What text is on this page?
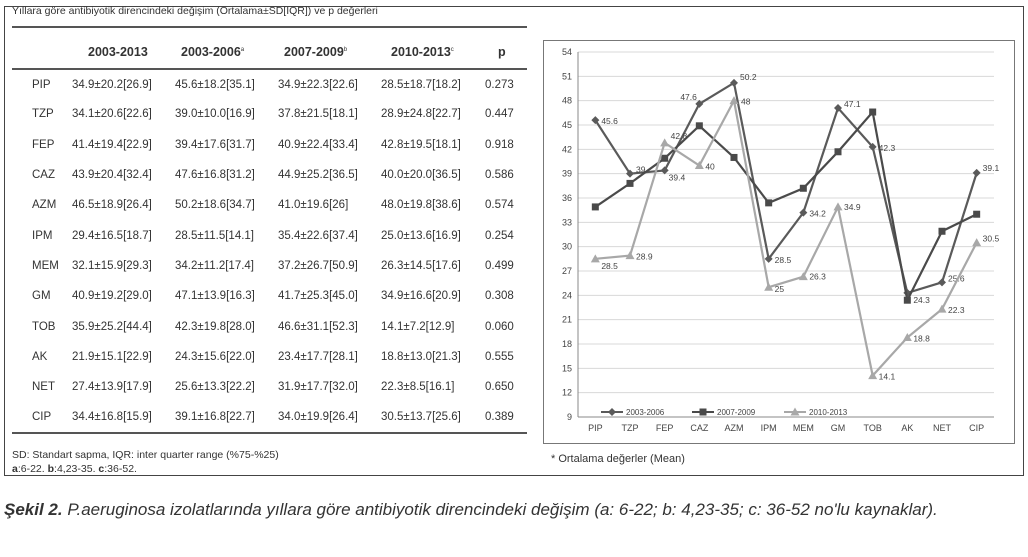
Yıllara göre antibiyotik direncindeki değişim (Ortalama±SD[IQR]) ve p değerleri
	2003-2013	2003-2006$^a$	2007-2009$^b$	2010-2013$^c$	p
PIP	34.9±20.2[26.9]	45.6±18.2[35.1]	34.9±22.3[22.6]	28.5±18.7[18.2]	0.273
TZP	34.1±20.6[22.6]	39.0±10.0[16.9]	37.8±21.5[18.1]	28.9±24.8[22.7]	0.447
FEP	41.4±19.4[22.9]	39.4±17.6[31.7]	40.9±22.4[33.4]	42.8±19.5[18.1]	0.918
CAZ	43.9±20.4[32.4]	47.6±16.8[31.2]	44.9±25.2[36.5]	40.0±20.0[36.5]	0.586
AZM	46.5±18.9[26.4]	50.2±18.6[34.7]	41.0±19.6[26]	48.0±19.8[38.6]	0.574
IPM	29.4±16.5[18.7]	28.5±11.5[14.1]	35.4±22.6[37.4]	25.0±13.6[16.9]	0.254
MEM	32.1±15.9[29.3]	34.2±11.2[17.4]	37.2±26.7[50.9]	26.3±14.5[17.6]	0.499
GM	40.9±19.2[29.0]	47.1±13.9[16.3]	41.7±25.3[45.0]	34.9±16.6[20.9]	0.308
TOB	35.9±25.2[44.4]	42.3±19.8[28.0]	46.6±31.1[52.3]	14.1±7.2[12.9]	0.060
AK	21.9±15.1[22.9]	24.3±15.6[22.0]	23.4±17.7[28.1]	18.8±13.0[21.3]	0.555
NET	27.4±13.9[17.9]	25.6±13.3[22.2]	31.9±17.7[32.0]	22.3±8.5[16.1]	0.650
CIP	34.4±16.8[15.9]	39.1±16.8[22.7]	34.0±19.9[26.4]	30.5±13.7[25.6]	0.389
SD: Standart sapma, IQR: inter quarter range (%75-%25)
a:6-22. b:4,23-35. c:36-52.
9
12
15
18
21
24
27
30
33
36
39
42
45
48
51
54
PIP TZP FEP CAZ AZM IPM MEM GM TOB AK NET CIP
45.6
39
39.4
47.6
50.2
28.5
34.2
47.1
42.3
24.3
25.6
39.1
28.5
28.9
42.8
40
48
25
26.3
34.9
14.1
18.8
22.3
30.5
2003-2006	2007-2009	2010-2013
* Ortalama değerler (Mean)
Şekil 2. P.aeruginosa izolatlarında yıllara göre antibiyotik direncindeki değişim (a: 6-22; b: 4,23-35; c: 36-52 no'lu kaynaklar).
